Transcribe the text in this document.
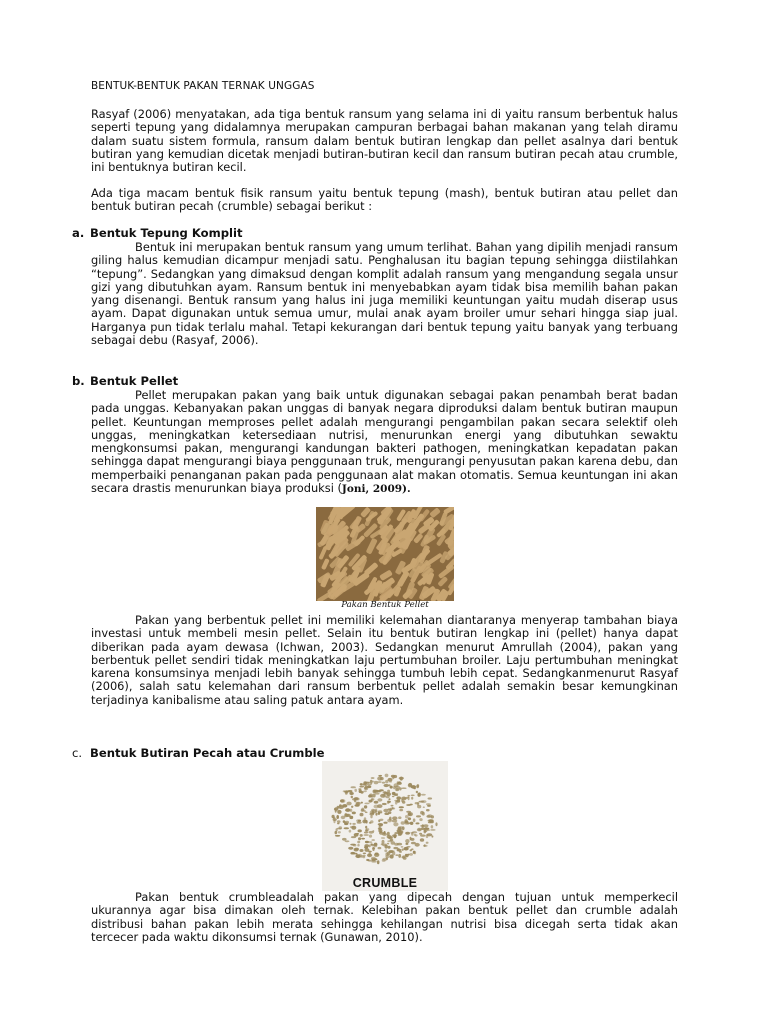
BENTUK-BENTUK PAKAN TERNAK UNGGAS

Rasyaf (2006) menyatakan, ada tiga bentuk ransum yang selama ini di yaitu ransum berbentuk halus seperti tepung yang didalamnya merupakan campuran berbagai bahan makanan yang telah diramu dalam suatu sistem formula, ransum dalam bentuk butiran lengkap dan pellet asalnya dari bentuk butiran yang kemudian dicetak menjadi butiran-butiran kecil dan ransum butiran pecah atau crumble, ini bentuknya butiran kecil.

Ada tiga macam bentuk fisik ransum yaitu bentuk tepung (mash), bentuk butiran atau pellet dan bentuk butiran pecah (crumble) sebagai berikut :

a. Bentuk Tepung Komplit

Bentuk ini merupakan bentuk ransum yang umum terlihat. Bahan yang dipilih menjadi ransum giling halus kemudian dicampur menjadi satu. Penghalusan itu bagian tepung sehingga diistilahkan “tepung”. Sedangkan yang dimaksud dengan komplit adalah ransum yang mengandung segala unsur gizi yang dibutuhkan ayam. Ransum bentuk ini menyebabkan ayam tidak bisa memilih bahan pakan yang disenangi. Bentuk ransum yang halus ini juga memiliki keuntungan yaitu mudah diserap usus ayam. Dapat digunakan untuk semua umur, mulai anak ayam broiler umur sehari hingga siap jual. Harganya pun tidak terlalu mahal. Tetapi kekurangan dari bentuk tepung yaitu banyak yang terbuang sebagai debu (Rasyaf, 2006).

b. Bentuk Pellet

Pellet merupakan pakan yang baik untuk digunakan sebagai pakan penambah berat badan pada unggas. Kebanyakan pakan unggas di banyak negara diproduksi dalam bentuk butiran maupun pellet. Keuntungan memproses pellet adalah mengurangi pengambilan pakan secara selektif oleh unggas, meningkatkan ketersediaan nutrisi, menurunkan energi yang dibutuhkan sewaktu mengkonsumsi pakan, mengurangi kandungan bakteri pathogen, meningkatkan kepadatan pakan sehingga dapat mengurangi biaya penggunaan truk, mengurangi penyusutan pakan karena debu, dan memperbaiki penanganan pakan pada penggunaan alat makan otomatis. Semua keuntungan ini akan secara drastis menurunkan biaya produksi (Joni, 2009).

Pakan Bentuk Pellet

Pakan yang berbentuk pellet ini memiliki kelemahan diantaranya menyerap tambahan biaya investasi untuk membeli mesin pellet. Selain itu bentuk butiran lengkap ini (pellet) hanya dapat diberikan pada ayam dewasa (Ichwan, 2003). Sedangkan menurut Amrullah (2004), pakan yang berbentuk pellet sendiri tidak meningkatkan laju pertumbuhan broiler. Laju pertumbuhan meningkat karena konsumsinya menjadi lebih banyak sehingga tumbuh lebih cepat. Sedangkanmenurut Rasyaf (2006), salah satu kelemahan dari ransum berbentuk pellet adalah semakin besar kemungkinan terjadinya kanibalisme atau saling patuk antara ayam.

c. Bentuk Butiran Pecah atau Crumble
CRUMBLE

Pakan bentuk crumbleadalah pakan yang dipecah dengan tujuan untuk memperkecil ukurannya agar bisa dimakan oleh ternak. Kelebihan pakan bentuk pellet dan crumble adalah distribusi bahan pakan lebih merata sehingga kehilangan nutrisi bisa dicegah serta tidak akan tercecer pada waktu dikonsumsi ternak (Gunawan, 2010).
